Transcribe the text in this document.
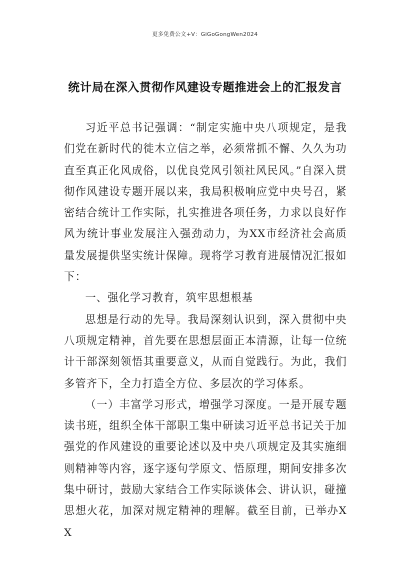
更多免费公文+V：GiGoGongWen2024
统计局在深入贯彻作风建设专题推进会上的汇报发言

习近平总书记强调：“制定实施中央八项规定，是我们党在新时代的徙木立信之举，必须常抓不懈、久久为功直至真正化风成俗，以优良党风引领社风民风。”自深入贯彻作风建设专题开展以来，我局积极响应党中央号召，紧密结合统计工作实际，扎实推进各项任务，力求以良好作风为统计事业发展注入强劲动力，为XX市经济社会高质量发展提供坚实统计保障。现将学习教育进展情况汇报如下：

一、强化学习教育，筑牢思想根基

思想是行动的先导。我局深刻认识到，深入贯彻中央八项规定精神，首先要在思想层面正本清源，让每一位统计干部深刻领悟其重要意义，从而自觉践行。为此，我们多管齐下，全力打造全方位、多层次的学习体系。

（一）丰富学习形式，增强学习深度。一是开展专题读书班，组织全体干部职工集中研读习近平总书记关于加强党的作风建设的重要论述以及中央八项规定及其实施细则精神等内容，逐字逐句学原文、悟原理，期间安排多次集中研讨，鼓励大家结合工作实际谈体会、讲认识，碰撞思想火花，加深对规定精神的理解。截至目前，已举办XX
